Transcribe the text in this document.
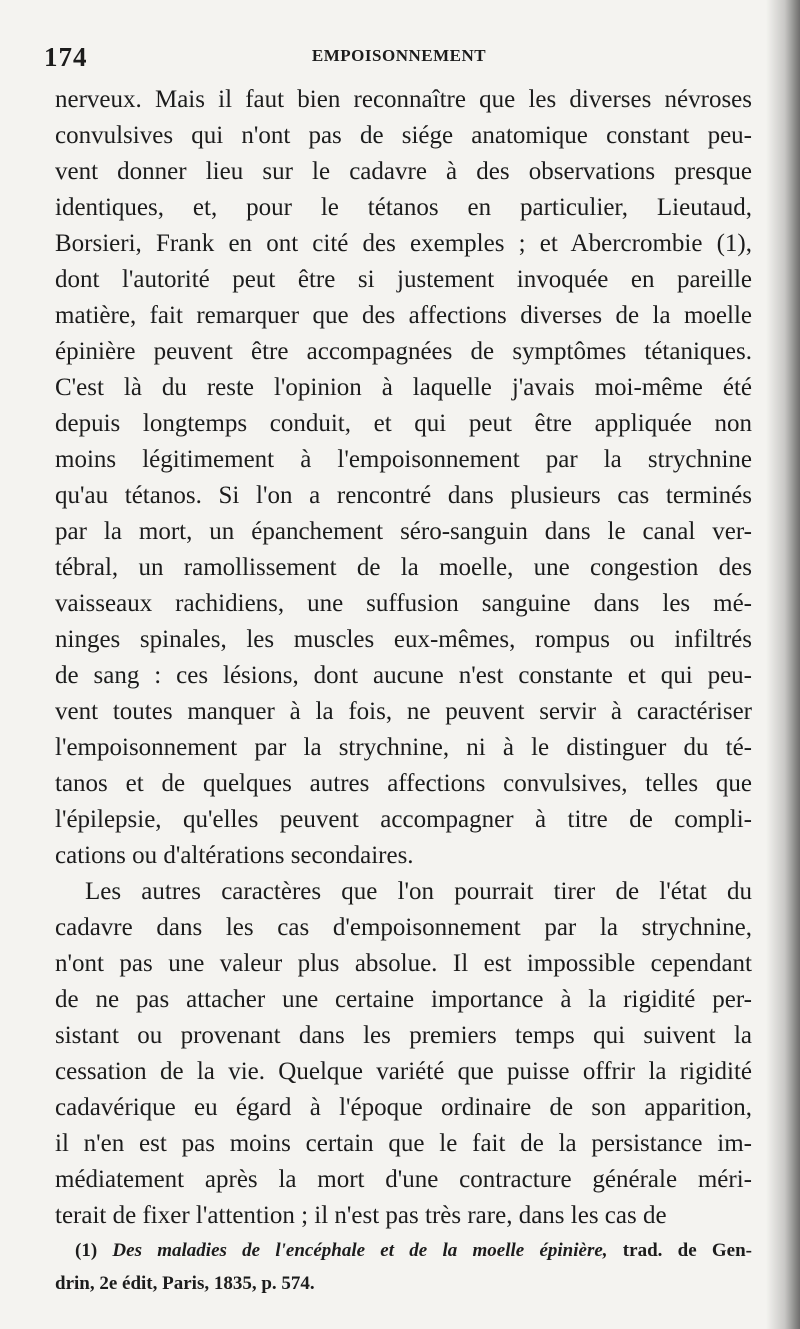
174	EMPOISONNEMENT
nerveux. Mais il faut bien reconnaître que les diverses névroses
convulsives qui n'ont pas de siége anatomique constant peu-
vent donner lieu sur le cadavre à des observations presque
identiques, et, pour le tétanos en particulier, Lieutaud,
Borsieri, Frank en ont cité des exemples ; et Abercrombie (1),
dont l'autorité peut être si justement invoquée en pareille
matière, fait remarquer que des affections diverses de la moelle
épinière peuvent être accompagnées de symptômes tétaniques.
C'est là du reste l'opinion à laquelle j'avais moi-même été
depuis longtemps conduit, et qui peut être appliquée non
moins légitimement à l'empoisonnement par la strychnine
qu'au tétanos. Si l'on a rencontré dans plusieurs cas terminés
par la mort, un épanchement séro-sanguin dans le canal ver-
tébral, un ramollissement de la moelle, une congestion des
vaisseaux rachidiens, une suffusion sanguine dans les mé-
ninges spinales, les muscles eux-mêmes, rompus ou infiltrés
de sang : ces lésions, dont aucune n'est constante et qui peu-
vent toutes manquer à la fois, ne peuvent servir à caractériser
l'empoisonnement par la strychnine, ni à le distinguer du té-
tanos et de quelques autres affections convulsives, telles que
l'épilepsie, qu'elles peuvent accompagner à titre de compli-
cations ou d'altérations secondaires.
Les autres caractères que l'on pourrait tirer de l'état du
cadavre dans les cas d'empoisonnement par la strychnine,
n'ont pas une valeur plus absolue. Il est impossible cependant
de ne pas attacher une certaine importance à la rigidité per-
sistant ou provenant dans les premiers temps qui suivent la
cessation de la vie. Quelque variété que puisse offrir la rigidité
cadavérique eu égard à l'époque ordinaire de son apparition,
il n'en est pas moins certain que le fait de la persistance im-
médiatement après la mort d'une contracture générale méri-
terait de fixer l'attention ; il n'est pas très rare, dans les cas de
(1) Des maladies de l'encéphale et de la moelle épinière, trad. de Gen-
drin, 2e édit, Paris, 1835, p. 574.
